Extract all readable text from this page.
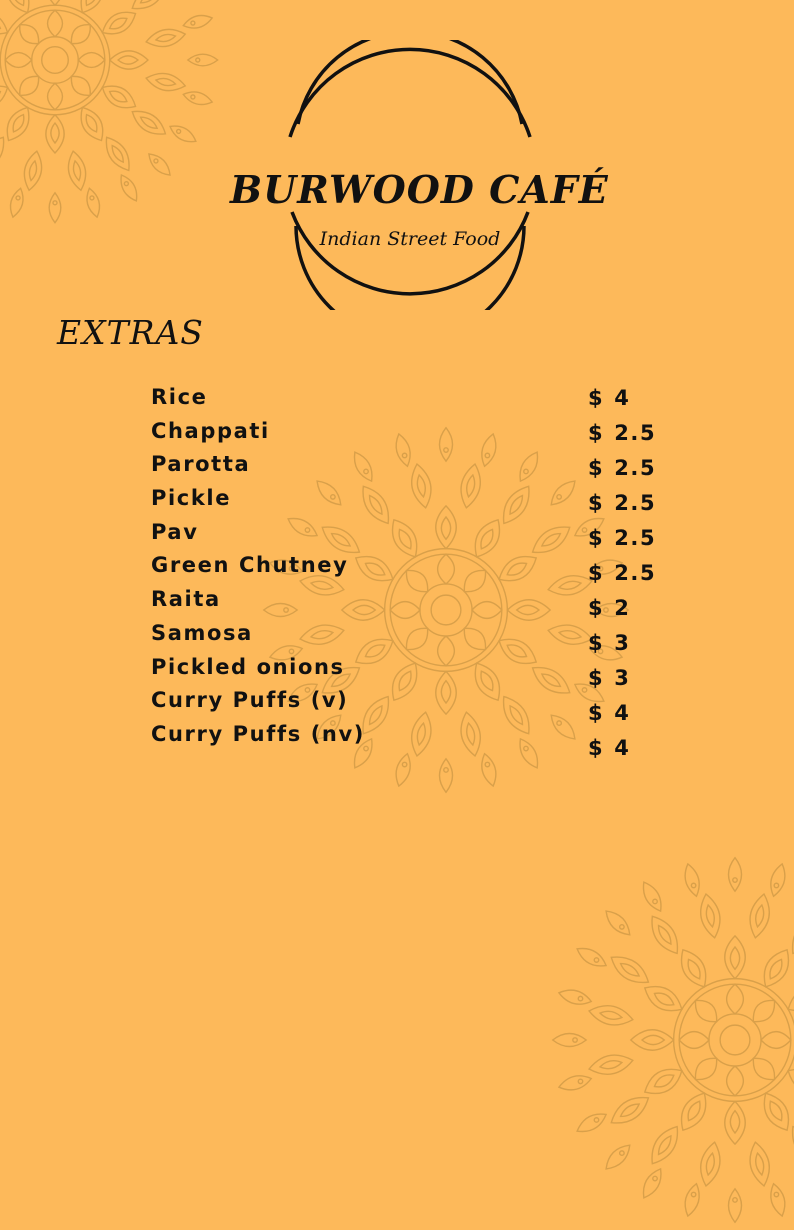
BURWOOD CAFÉ
Indian Street Food
EXTRAS
Rice
Chappati
Parotta
Pickle
Pav
Green Chutney
Raita
Samosa
Pickled onions
Curry Puffs (v)
Curry Puffs (nv)
$ 4
$ 2.5
$ 2.5
$ 2.5
$ 2.5
$ 2.5
$ 2
$ 3
$ 3
$ 4
$ 4
